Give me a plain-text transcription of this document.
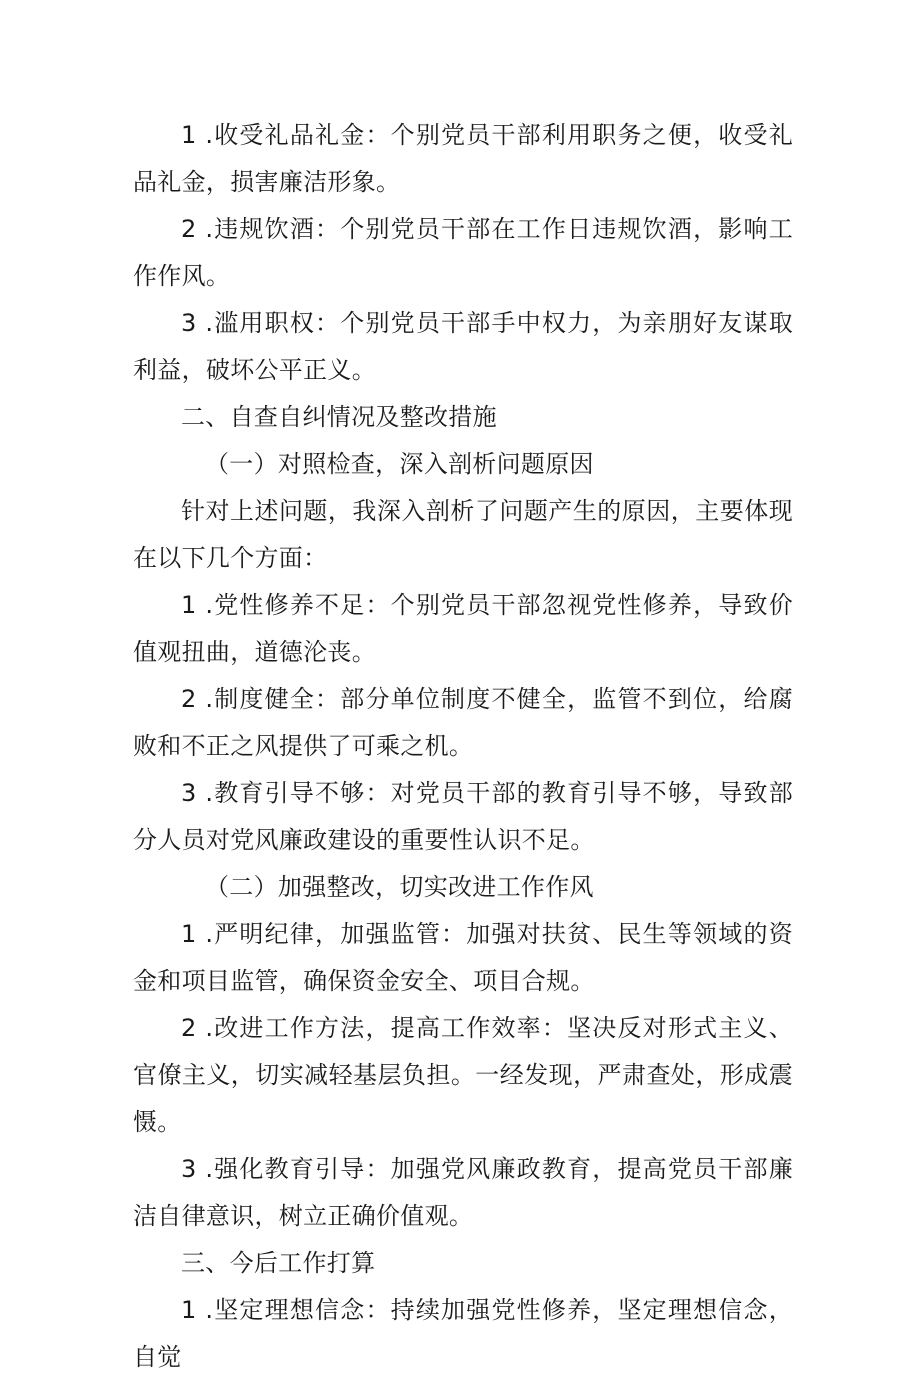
1 .收受礼品礼金：个别党员干部利用职务之便，收受礼品礼金，损害廉洁形象。

2 .违规饮酒：个别党员干部在工作日违规饮酒，影响工作作风。

3 .滥用职权：个别党员干部手中权力，为亲朋好友谋取利益，破坏公平正义。

二、自查自纠情况及整改措施

（一）对照检查，深入剖析问题原因

针对上述问题，我深入剖析了问题产生的原因，主要体现在以下几个方面：

1 .党性修养不足：个别党员干部忽视党性修养，导致价值观扭曲，道德沦丧。

2 .制度健全：部分单位制度不健全，监管不到位，给腐败和不正之风提供了可乘之机。

3 .教育引导不够：对党员干部的教育引导不够，导致部分人员对党风廉政建设的重要性认识不足。

（二）加强整改，切实改进工作作风

1 .严明纪律，加强监管：加强对扶贫、民生等领域的资金和项目监管，确保资金安全、项目合规。

2 .改进工作方法，提高工作效率：坚决反对形式主义、官僚主义，切实减轻基层负担。一经发现，严肃查处，形成震慑。

3 .强化教育引导：加强党风廉政教育，提高党员干部廉洁自律意识，树立正确价值观。

三、今后工作打算

1 .坚定理想信念：持续加强党性修养，坚定理想信念，自觉
